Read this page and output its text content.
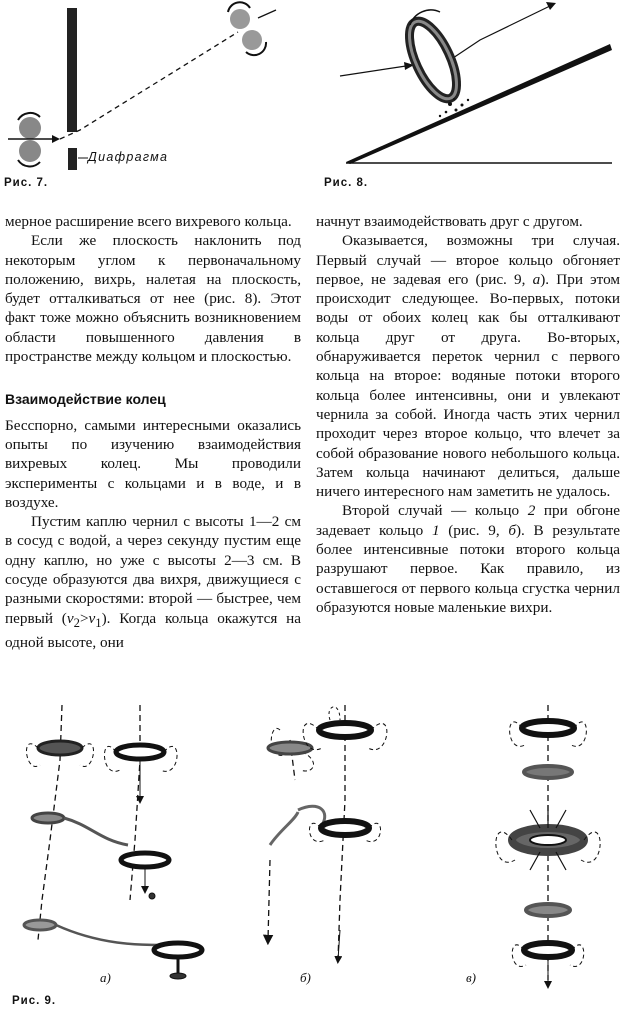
Диафрагма
Рис. 7.	Рис. 8.

мерное расширение всего вихревого кольца.

Если же плоскость наклонить под некоторым углом к первоначальному положению, вихрь, налетая на плоскость, будет отталкиваться от нее (рис. 8). Этот факт тоже можно объяснить возникновением области повышенного давления в пространстве между кольцом и плоскостью.

Взаимодействие колец

Бесспорно, самыми интересными оказались опыты по изучению взаимодействия вихревых колец. Мы проводили эксперименты с кольцами и в воде, и в воздухе.

Пустим каплю чернил с высоты 1—2 см в сосуд с водой, а через секунду пустим еще одну каплю, но уже с высоты 2—3 см. В сосуде образуются два вихря, движущиеся с разными скоростями: второй — быстрее, чем первый $(v_2>v_1)$. Когда кольца окажутся на одной высоте, они

начнут взаимодействовать друг с другом.

Оказывается, возможны три случая. Первый случай — второе кольцо обгоняет первое, не задевая его (рис. 9, а). При этом происходит следующее. Во-первых, потоки воды от обоих колец как бы отталкивают кольца друг от друга. Во-вторых, обнаруживается переток чернил с первого кольца на второе: водяные потоки второго кольца более интенсивны, они и увлекают чернила за собой. Иногда часть этих чернил проходит через второе кольцо, что влечет за собой образование нового небольшого кольца. Затем кольца начинают делиться, дальше ничего интересного нам заметить не удалось.

Второй случай — кольцо 2 при обгоне задевает кольцо 1 (рис. 9, б). В результате более интенсивные потоки второго кольца разрушают первое. Как правило, из оставшегося от первого кольца сгустка чернил образуются новые маленькие вихри.

а)	б)	в)
Рис. 9.
